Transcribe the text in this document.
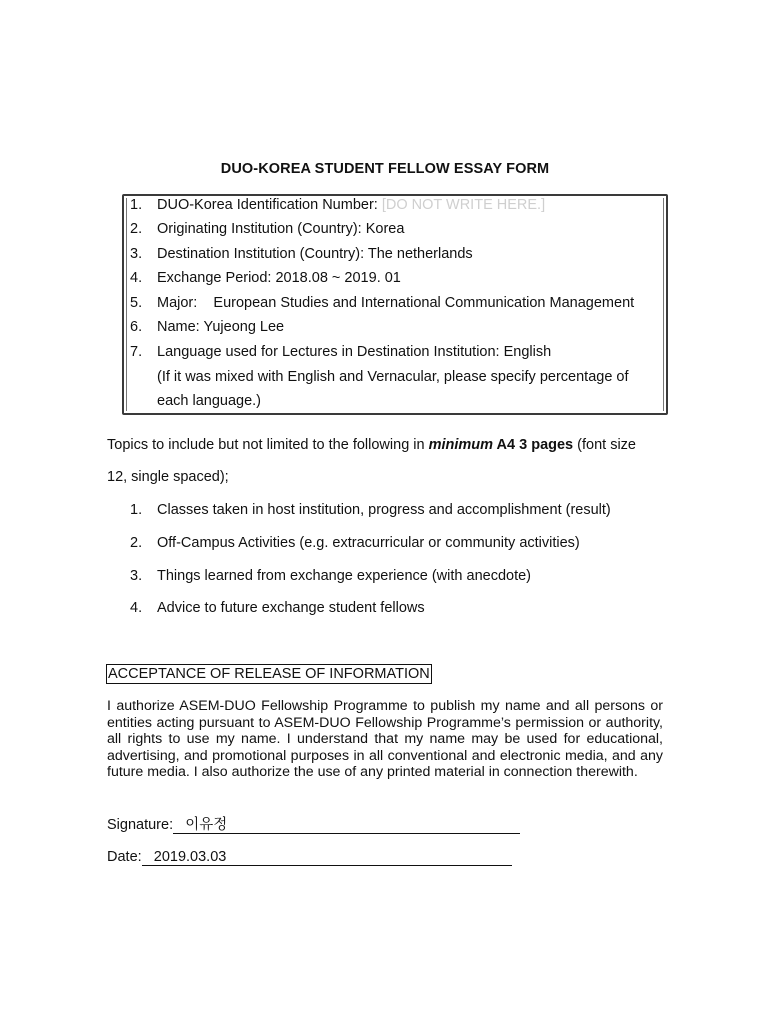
DUO-KOREA STUDENT FELLOW ESSAY FORM
1. DUO-Korea Identification Number: [DO NOT WRITE HERE.]
2. Originating Institution (Country): Korea
3. Destination Institution (Country): The netherlands
4. Exchange Period: 2018.08 ~ 2019. 01
5. Major:    European Studies and International Communication Management
6. Name: Yujeong Lee
7. Language used for Lectures in Destination Institution: English
(If it was mixed with English and Vernacular, please specify percentage of
each language.)
Topics to include but not limited to the following in minimum A4 3 pages (font size
12, single spaced);
1. Classes taken in host institution, progress and accomplishment (result)
2. Off-Campus Activities (e.g. extracurricular or community activities)
3. Things learned from exchange experience (with anecdote)
4. Advice to future exchange student fellows
ACCEPTANCE OF RELEASE OF INFORMATION
I authorize ASEM-DUO Fellowship Programme to publish my name and all persons or entities acting pursuant to ASEM-DUO Fellowship Programme’s permission or authority, all rights to use my name. I understand that my name may be used for educational, advertising, and promotional purposes in all conventional and electronic media, and any future media. I also authorize the use of any printed material in connection therewith.
Signature:   이유정
Date:   2019.03.03
